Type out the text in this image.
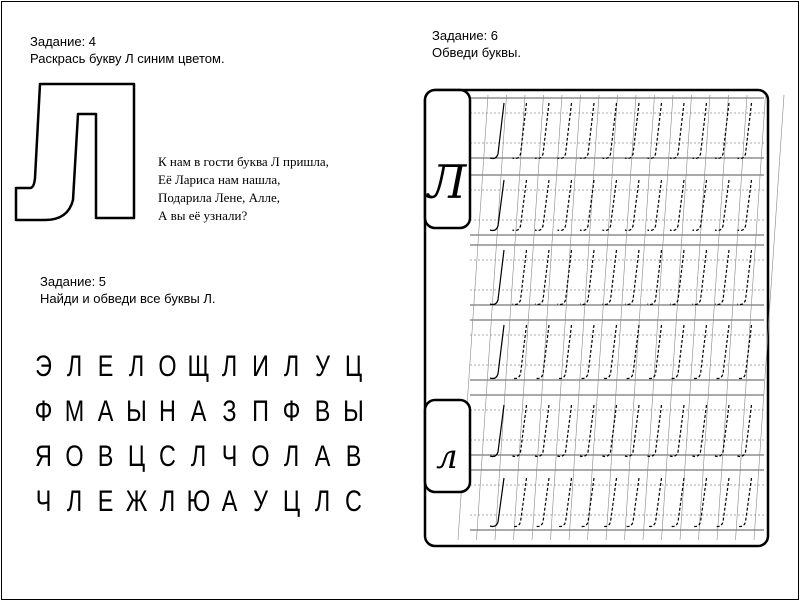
Задание: 4
Раскрась букву Л синим цветом.
Задание: 6
Обведи буквы.
Задание: 5
Найди и обведи все буквы Л.
К нам в гости буква Л пришла,
Её Лариса нам нашла,
Подарила Лене, Алле,
А вы её узнали?
Э Л Е Л О Щ Л И Л У Ц
Ф М А Ы Н А З П Ф В Ы
Я О В Ц С Л Ч О Л А В
Ч Л Е Ж Л Ю А У Ц Л С
Л
л
